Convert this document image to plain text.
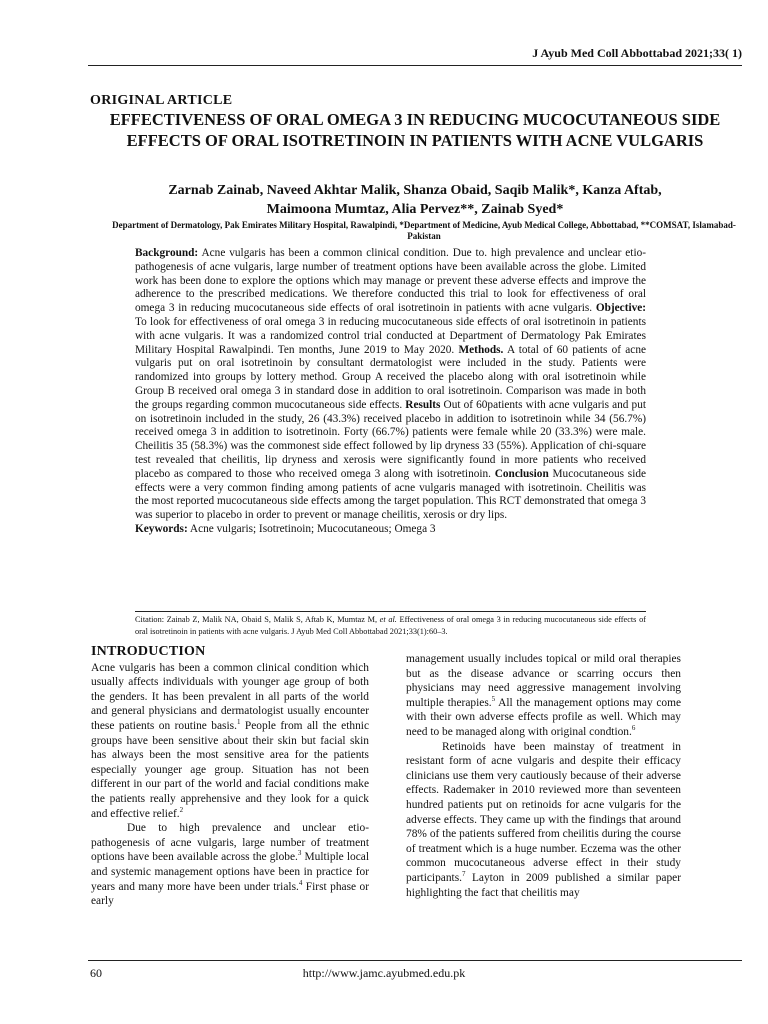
J Ayub Med Coll Abbottabad 2021;33( 1)
ORIGINAL ARTICLE
EFFECTIVENESS OF ORAL OMEGA 3 IN REDUCING MUCOCUTANEOUS SIDE EFFECTS OF ORAL ISOTRETINOIN IN PATIENTS WITH ACNE VULGARIS
Zarnab Zainab, Naveed Akhtar Malik, Shanza Obaid, Saqib Malik*, Kanza Aftab,
Maimoona Mumtaz, Alia Pervez**, Zainab Syed*
Department of Dermatology, Pak Emirates Military Hospital, Rawalpindi, *Department of Medicine, Ayub Medical College, Abbottabad, **COMSAT, Islamabad-Pakistan
Background: Acne vulgaris has been a common clinical condition. Due to. high prevalence and unclear etio-pathogenesis of acne vulgaris, large number of treatment options have been available across the globe. Limited work has been done to explore the options which may manage or prevent these adverse effects and improve the adherence to the prescribed medications. We therefore conducted this trial to look for effectiveness of oral omega 3 in reducing mucocutaneous side effects of oral isotretinoin in patients with acne vulgaris. Objective: To look for effectiveness of oral omega 3 in reducing mucocutaneous side effects of oral isotretinoin in patients with acne vulgaris. It was a randomized control trial conducted at Department of Dermatology Pak Emirates Military Hospital Rawalpindi. Ten months, June 2019 to May 2020. Methods. A total of 60 patients of acne vulgaris put on oral isotretinoin by consultant dermatologist were included in the study. Patients were randomized into groups by lottery method. Group A received the placebo along with oral isotretinoin while Group B received oral omega 3 in standard dose in addition to oral isotretinoin. Comparison was made in both the groups regarding common mucocutaneous side effects. Results Out of 60patients with acne vulgaris and put on isotretinoin included in the study, 26 (43.3%) received placebo in addition to isotretinoin while 34 (56.7%) received omega 3 in addition to isotretinoin. Forty (66.7%) patients were female while 20 (33.3%) were male. Cheilitis 35 (58.3%) was the commonest side effect followed by lip dryness 33 (55%). Application of chi-square test revealed that cheilitis, lip dryness and xerosis were significantly found in more patients who received placebo as compared to those who received omega 3 along with isotretinoin. Conclusion Mucocutaneous side effects were a very common finding among patients of acne vulgaris managed with isotretinoin. Cheilitis was the most reported mucocutaneous side effects among the target population. This RCT demonstrated that omega 3 was superior to placebo in order to prevent or manage cheilitis, xerosis or dry lips.
Keywords: Acne vulgaris; Isotretinoin; Mucocutaneous; Omega 3
Citation: Zainab Z, Malik NA, Obaid S, Malik S, Aftab K, Mumtaz M, et al. Effectiveness of oral omega 3 in reducing mucocutaneous side effects of oral isotretinoin in patients with acne vulgaris. J Ayub Med Coll Abbottabad 2021;33(1):60–3.
INTRODUCTION

Acne vulgaris has been a common clinical condition which usually affects individuals with younger age group of both the genders. It has been prevalent in all parts of the world and general physicians and dermatologist usually encounter these patients on routine basis.$^1$ People from all the ethnic groups have been sensitive about their skin but facial skin has always been the most sensitive area for the patients especially younger age group. Situation has not been different in our part of the world and facial conditions make the patients really apprehensive and they look for a quick and effective relief.$^2$

Due to high prevalence and unclear etio-pathogenesis of acne vulgaris, large number of treatment options have been available across the globe.$^3$ Multiple local and systemic management options have been in practice for years and many more have been under trials.$^4$ First phase or early

management usually includes topical or mild oral therapies but as the disease advance or scarring occurs then physicians may need aggressive management involving multiple therapies.$^5$ All the management options may come with their own adverse effects profile as well. Which may need to be managed along with original condtion.$^6$

Retinoids have been mainstay of treatment in resistant form of acne vulgaris and despite their efficacy clinicians use them very cautiously because of their adverse effects. Rademaker in 2010 reviewed more than seventeen hundred patients put on retinoids for acne vulgaris for the adverse effects. They came up with the findings that around 78% of the patients suffered from cheilitis during the course of treatment which is a huge number. Eczema was the other common mucocutaneous adverse effect in their study participants.$^7$ Layton in 2009 published a similar paper highlighting the fact that cheilitis may

60	http://www.jamc.ayubmed.edu.pk
